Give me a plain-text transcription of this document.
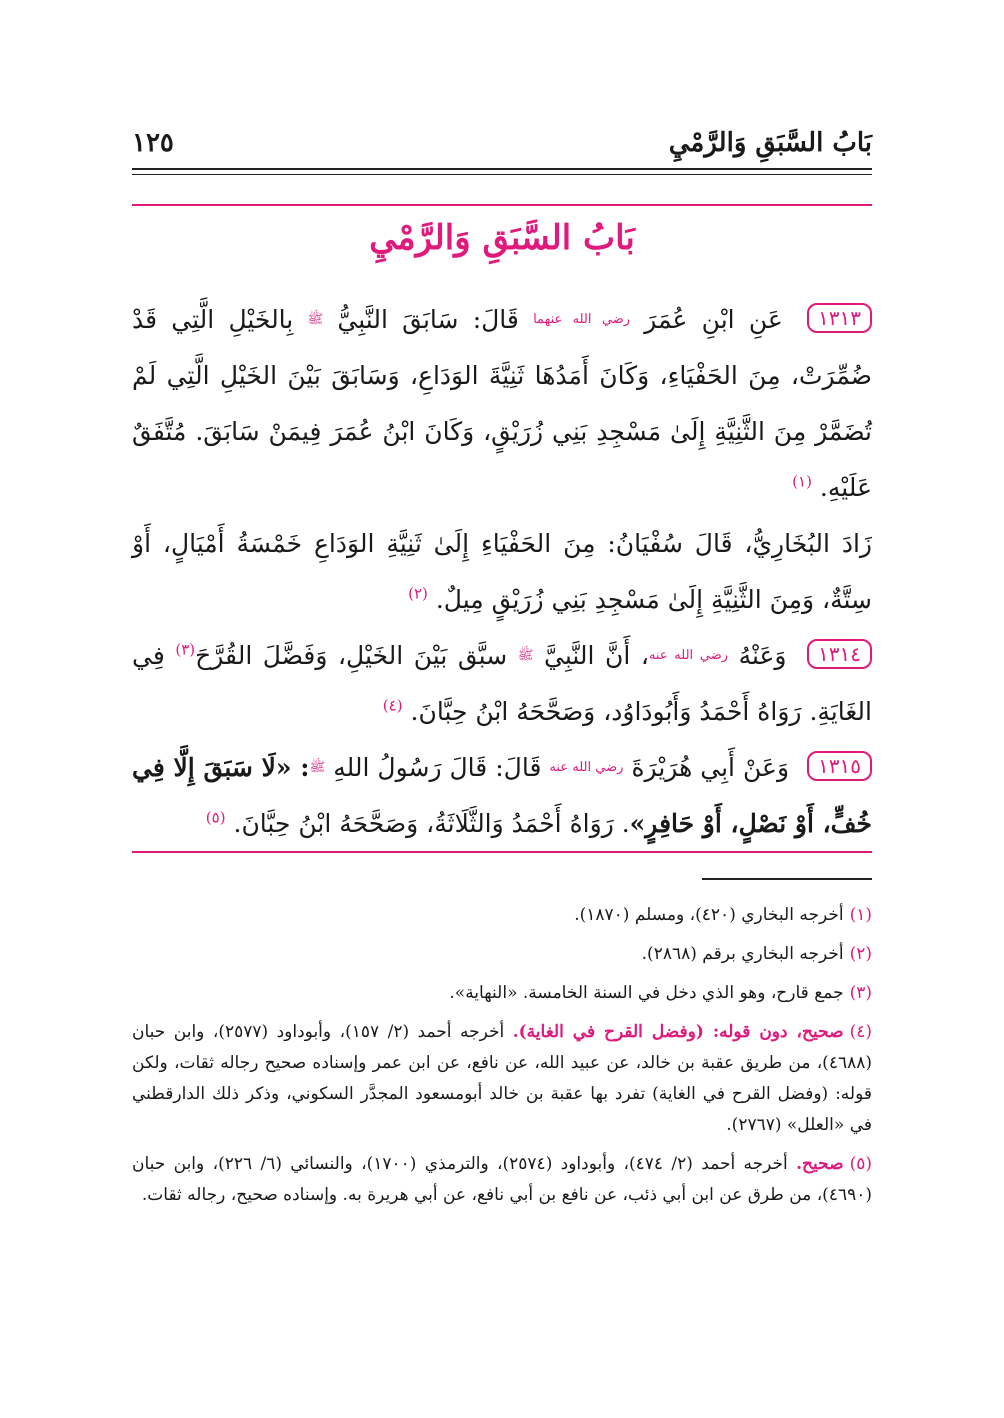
بَابُ السَّبَقِ وَالرَّمْيِ
١٢٥
بَابُ السَّبَقِ وَالرَّمْيِ

١٣١٣ عَنِ ابْنِ عُمَرَ $^{رضي الله عنهما}$ قَالَ: سَابَقَ النَّبِيُّ $^ﷺ$ بِالخَيْلِ الَّتِي قَدْ ضُمِّرَتْ، مِنَ الحَفْيَاءِ، وَكَانَ أَمَدُهَا ثَنِيَّةَ الوَدَاعِ، وَسَابَقَ بَيْنَ الخَيْلِ الَّتِي لَمْ تُضَمَّرْ مِنَ الثَّنِيَّةِ إِلَىٰ مَسْجِدِ بَنِي زُرَيْقٍ، وَكَانَ ابْنُ عُمَرَ فِيمَنْ سَابَقَ. مُتَّفَقٌ عَلَيْهِ. $^{(١)}$

زَادَ البُخَارِيُّ، قَالَ سُفْيَانُ: مِنَ الحَفْيَاءِ إِلَىٰ ثَنِيَّةِ الوَدَاعِ خَمْسَةُ أَمْيَالٍ، أَوْ سِتَّةٌ، وَمِنَ الثَّنِيَّةِ إِلَىٰ مَسْجِدِ بَنِي زُرَيْقٍ مِيلٌ. $^{(٢)}$

١٣١٤ وَعَنْهُ $^{رضي الله عنه}$، أَنَّ النَّبِيَّ $^ﷺ$ سبَّق بَيْنَ الخَيْلِ، وَفَضَّلَ القُرَّحَ$^{(٣)}$ فِي الغَايَةِ. رَوَاهُ أَحْمَدُ وَأَبُودَاوُد، وَصَحَّحَهُ ابْنُ حِبَّانَ. $^{(٤)}$

١٣١٥ وَعَنْ أَبِي هُرَيْرَةَ $^{رضي الله عنه}$ قَالَ: قَالَ رَسُولُ اللهِ $^ﷺ$: «لَا سَبَقَ إِلَّا فِي خُفٍّ، أَوْ نَصْلٍ، أَوْ حَافِرٍ». رَوَاهُ أَحْمَدُ وَالثَّلَاثَةُ، وَصَحَّحَهُ ابْنُ حِبَّانَ. $^{(٥)}$

(١)أخرجه البخاري (٤٢٠)، ومسلم (١٨٧٠).

(٢)أخرجه البخاري برقم (٢٨٦٨).

(٣)جمع قارح، وهو الذي دخل في السنة الخامسة. «النهاية».

(٤)صحيح، دون قوله: (وفضل القرح في الغاية). أخرجه أحمد (٢/ ١٥٧)، وأبوداود (٢٥٧٧)، وابن حبان (٤٦٨٨)، من طريق عقبة بن خالد، عن عبيد الله، عن نافع، عن ابن عمر وإسناده صحيح رجاله ثقات، ولكن قوله: (وفضل القرح في الغاية) تفرد بها عقبة بن خالد أبومسعود المجدَّر السكوني، وذكر ذلك الدارقطني في «العلل» (٢٧٦٧).

(٥)صحيح. أخرجه أحمد (٢/ ٤٧٤)، وأبوداود (٢٥٧٤)، والترمذي (١٧٠٠)، والنسائي (٦/ ٢٢٦)، وابن حبان (٤٦٩٠)، من طرق عن ابن أبي ذئب، عن نافع بن أبي نافع، عن أبي هريرة به. وإسناده صحيح، رجاله ثقات.
